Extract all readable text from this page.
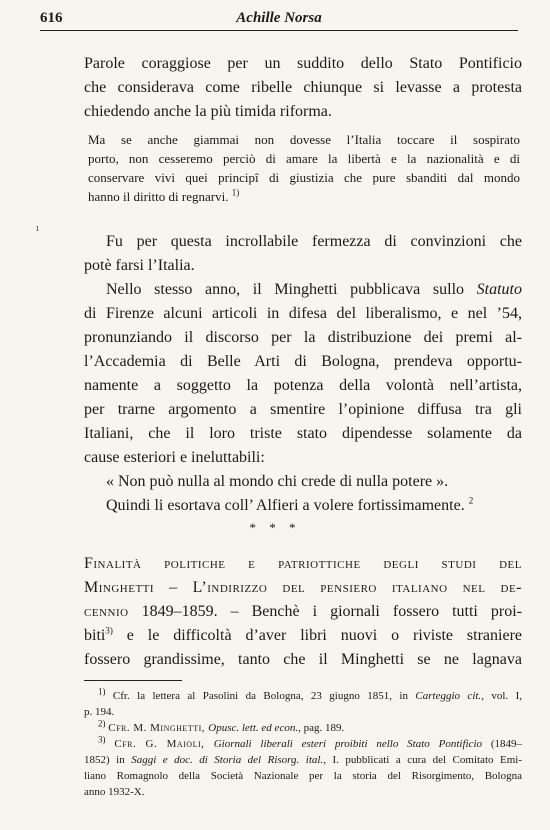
616	Achille Norsa
Parole coraggiose per un suddito dello Stato Pontificio
che considerava come ribelle chiunque si levasse a protesta
chiedendo anche la più timida riforma.
Ma se anche giammai non dovesse l’Italia toccare il sospirato
porto, non cesseremo perciò di amare la libertà e la nazionalità e di
conservare vivi quei principî di giustizia che pure sbanditi dal mondo
hanno il diritto di regnarvi. $^{1)}$
ı
Fu per questa incrollabile fermezza di convinzioni che
potè farsi l’Italia.
Nello stesso anno, il Minghetti pubblicava sullo Statuto
di Firenze alcuni articoli in difesa del liberalismo, e nel ’54,
pronunziando il discorso per la distribuzione dei premi al-
l’Accademia di Belle Arti di Bologna, prendeva opportu-
namente a soggetto la potenza della volontà nell’artista,
per trarne argomento a smentire l’opinione diffusa tra gli
Italiani, che il loro triste stato dipendesse solamente da
cause esteriori e ineluttabili:
« Non può nulla al mondo chi crede di nulla potere ».
Quindi li esortava coll’ Alfieri a volere fortissimamente. $^2$
* * *
Finalità politiche e patriottiche degli studi del
Minghetti – L’indirizzo del pensiero italiano nel de-
cennio 1849–1859. – Benchè i giornali fossero tutti proi-
biti$^{3)}$ e le difficoltà d’aver libri nuovi o riviste straniere
fossero grandissime, tanto che il Minghetti se ne lagnava
$^{1)}$ Cfr. la lettera al Pasolini da Bologna, 23 giugno 1851, in Carteggio cit., vol. I,
p. 194.
$^{2)}$ Cfr. M. Minghetti, Opusc. lett. ed econ., pag. 189.
$^{3)}$ Cfr. G. Maioli, Giornali liberali esteri proibiti nello Stato Pontificio (1849–
1852) in Saggi e doc. di Storia del Risorg. ital., I. pubblicati a cura del Comitato Emi-
liano Romagnolo della Società Nazionale per la storia del Risorgimento, Bologna
anno 1932-X.
